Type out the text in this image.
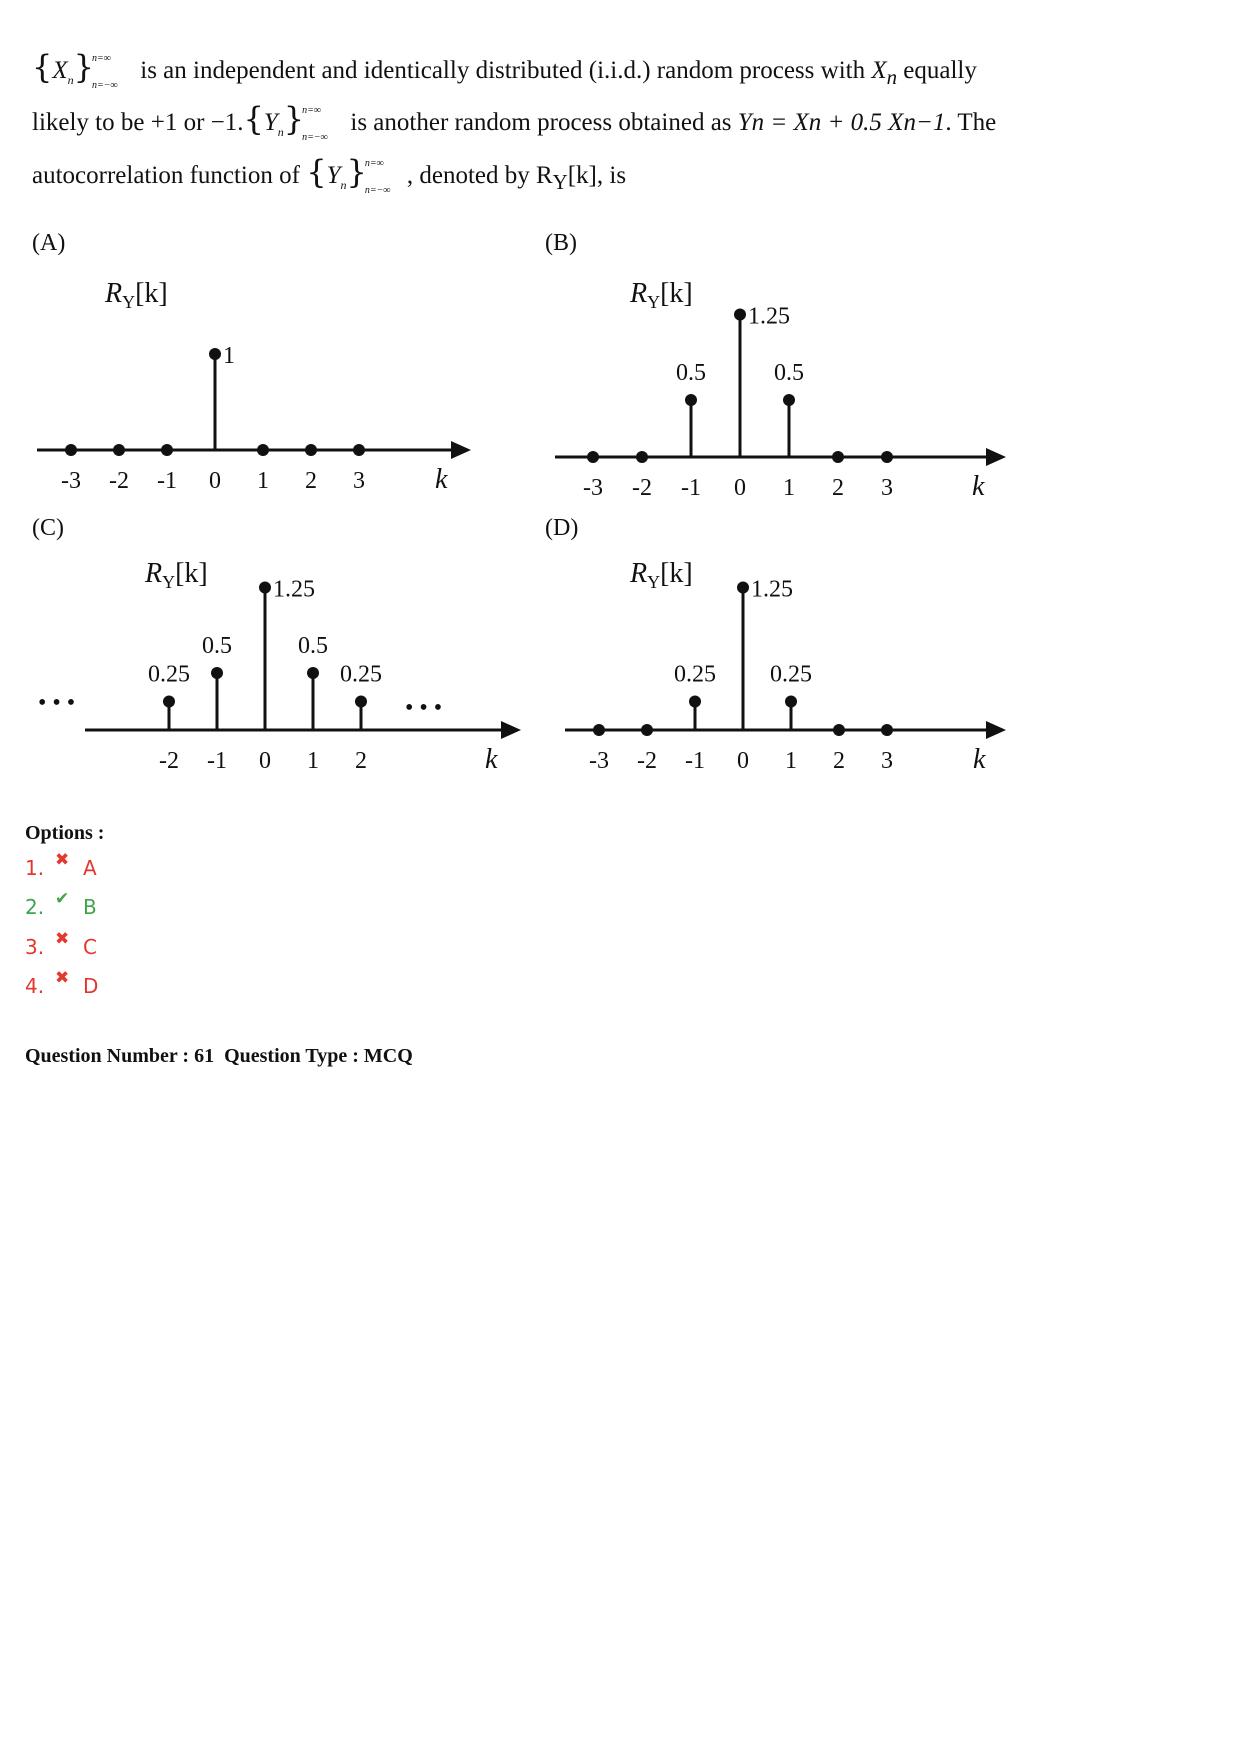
$\{X_n\}$
n=∞
n=−∞
is an independent and identically distributed (i.i.d.) random process with $X_n$ equally
likely to be +1 or $-1.\{Y_n\}$
n=∞
n=−∞
is another random process obtained as Yn = Xn + 0.5 Xn−1. The
autocorrelation function of $\{Y_n\}$
n=∞
n=−∞
, denoted by $R_Y[k]$, is
(A)	(B)
(C)	(D)
$R_Y[k]$
k
-3 -2 -1 0
1
1 2 3
$R_Y[k]$
k
-3 -2 -1
0.5
0
1.25
1
0.5
2 3
$R_Y[k]$
k
-2
0.25
-1
0.5
0
1.25
1
0.5
2
0.25
• • •	• • •
$R_Y[k]$
k
-3 -2 -1
0.25
0
1.25
1
0.25
2 3
Options :
1. ✖ A
2. ✔ B
3. ✖ C
4. ✖ D
Question Number : 61 Question Type : MCQ
